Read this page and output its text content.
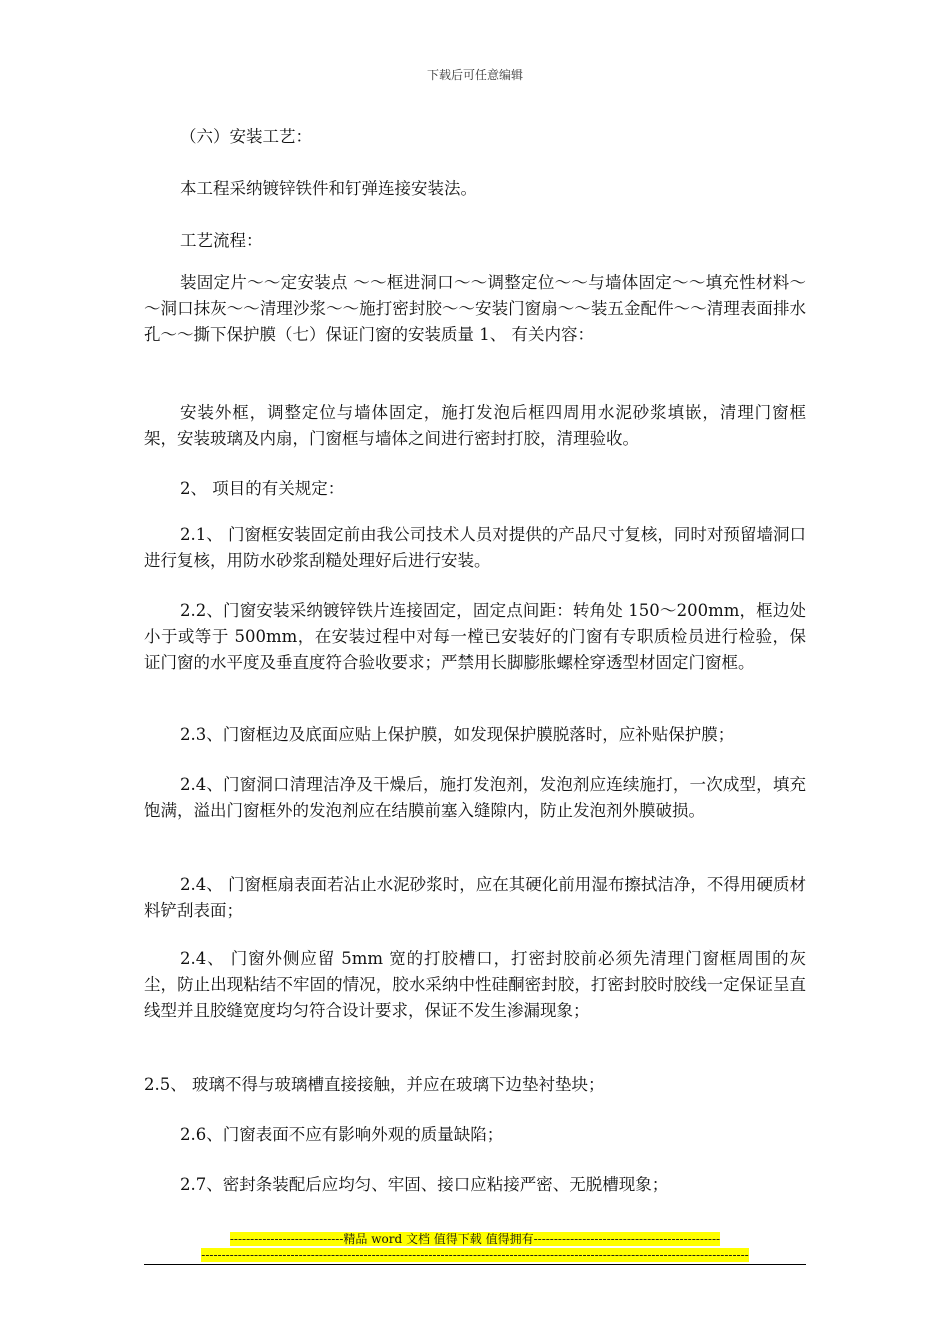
下载后可任意编辑
（六）安装工艺：
本工程采纳镀锌铁件和钉弹连接安装法。
工艺流程：
装固定片～～定安装点 ～～框进洞口～～调整定位～～与墙体固定～～填充性材料～～洞口抹灰～～清理沙浆～～施打密封胶～～安装门窗扇～～装五金配件～～清理表面排水孔～～撕下保护膜（七）保证门窗的安装质量 1、 有关内容：
安装外框，调整定位与墙体固定，施打发泡后框四周用水泥砂浆填嵌，清理门窗框架，安装玻璃及内扇，门窗框与墙体之间进行密封打胶，清理验收。
2、 项目的有关规定：
2.1、 门窗框安装固定前由我公司技术人员对提供的产品尺寸复核，同时对预留墙洞口进行复核，用防水砂浆刮糙处理好后进行安装。
2.2、门窗安装采纳镀锌铁片连接固定，固定点间距：转角处 150～200mm，框边处小于或等于 500mm，在安装过程中对每一樘已安装好的门窗有专职质检员进行检验，保证门窗的水平度及垂直度符合验收要求；严禁用长脚膨胀螺栓穿透型材固定门窗框。
2.3、门窗框边及底面应贴上保护膜，如发现保护膜脱落时，应补贴保护膜；
2.4、门窗洞口清理洁净及干燥后，施打发泡剂，发泡剂应连续施打，一次成型，填充饱满，溢出门窗框外的发泡剂应在结膜前塞入缝隙内，防止发泡剂外膜破损。
2.4、 门窗框扇表面若沾止水泥砂浆时，应在其硬化前用湿布擦拭洁净，不得用硬质材料铲刮表面；
2.4、 门窗外侧应留 5mm 宽的打胶槽口，打密封胶前必须先清理门窗框周围的灰尘，防止出现粘结不牢固的情况，胶水采纳中性硅酮密封胶，打密封胶时胶线一定保证呈直线型并且胶缝宽度均匀符合设计要求，保证不发生渗漏现象；
2.5、 玻璃不得与玻璃槽直接接触，并应在玻璃下边垫衬垫块；
2.6、门窗表面不应有影响外观的质量缺陷；
2.7、密封条装配后应均匀、牢固、接口应粘接严密、无脱槽现象；
----------------------------精品 word 文档 值得下载 值得拥有----------------------------------------------
---------------------------------------------------------------------------------------------------------------------------------------
